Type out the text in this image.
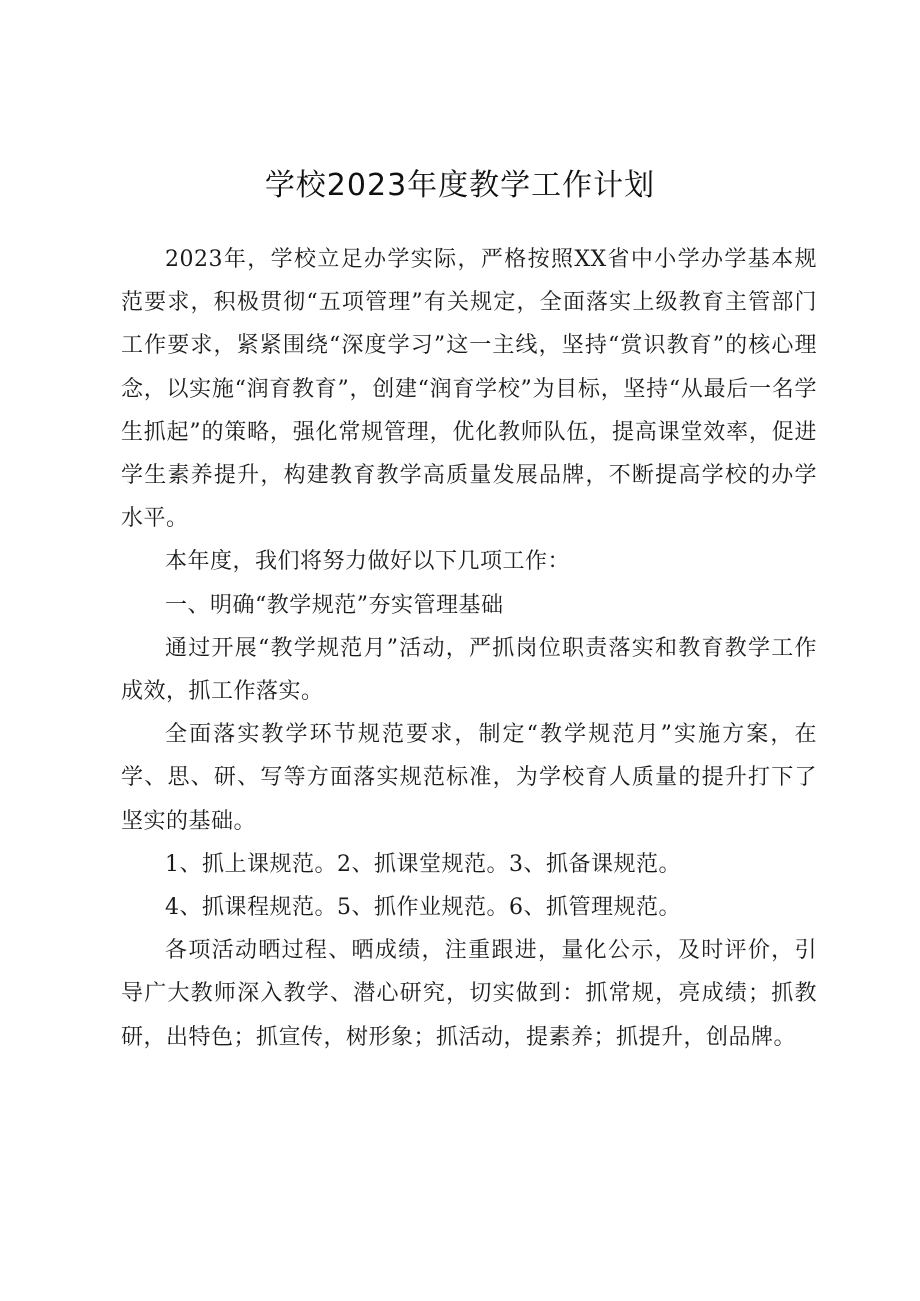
学校2023年度教学工作计划

2023年，学校立足办学实际，严格按照XX省中小学办学基本规范要求，积极贯彻“五项管理”有关规定，全面落实上级教育主管部门工作要求，紧紧围绕“深度学习”这一主线，坚持“赏识教育”的核心理念，以实施“润育教育”，创建“润育学校”为目标，坚持“从最后一名学生抓起”的策略，强化常规管理，优化教师队伍，提高课堂效率，促进学生素养提升，构建教育教学高质量发展品牌，不断提高学校的办学水平。

本年度，我们将努力做好以下几项工作：

一、明确“教学规范”夯实管理基础

通过开展“教学规范月”活动，严抓岗位职责落实和教育教学工作成效，抓工作落实。

全面落实教学环节规范要求，制定“教学规范月”实施方案，在学、思、研、写等方面落实规范标准，为学校育人质量的提升打下了坚实的基础。

1、抓上课规范。2、抓课堂规范。3、抓备课规范。

4、抓课程规范。5、抓作业规范。6、抓管理规范。

各项活动晒过程、晒成绩，注重跟进，量化公示，及时评价，引导广大教师深入教学、潜心研究，切实做到：抓常规，亮成绩；抓教研，出特色；抓宣传，树形象；抓活动，提素养；抓提升，创品牌。
